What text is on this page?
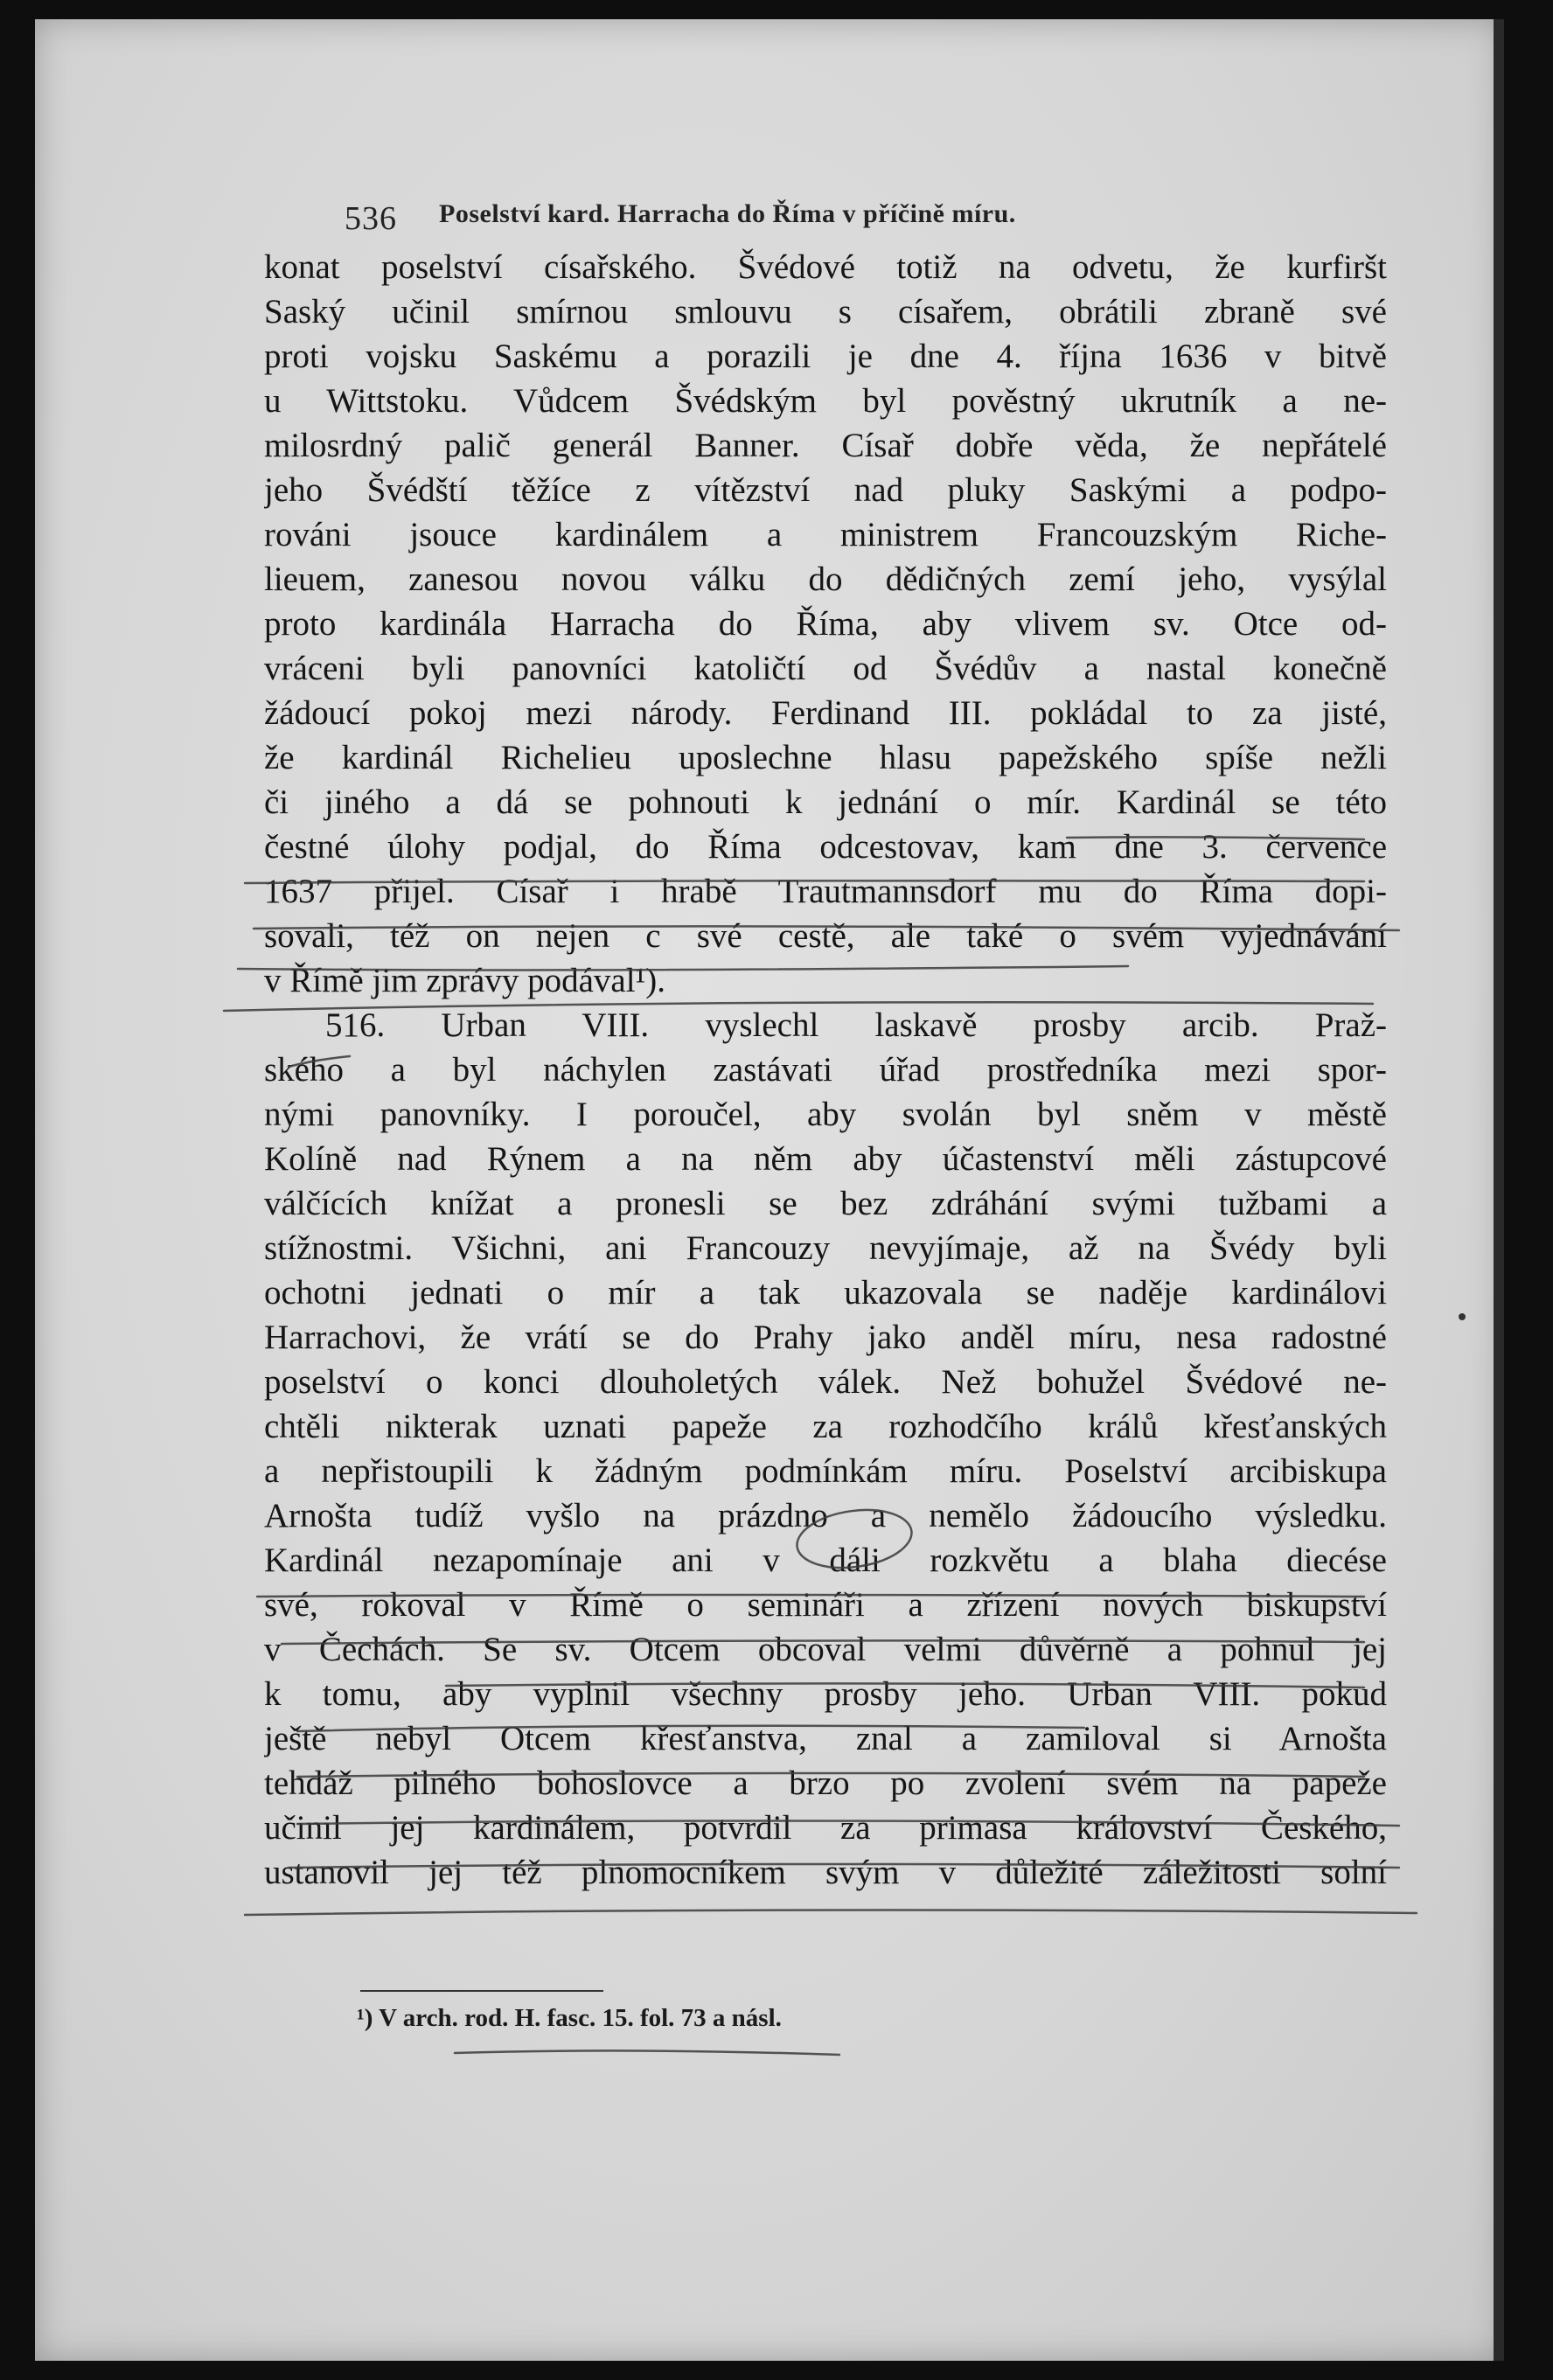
536 Poselství kard. Harracha do Říma v příčině míru.
konat poselství císařského. Švédové totiž na odvetu, že kurfiršt
Saský učinil smírnou smlouvu s císařem, obrátili zbraně své
proti vojsku Saskému a porazili je dne 4. října 1636 v bitvě
u Wittstoku. Vůdcem Švédským byl pověstný ukrutník a ne-
milosrdný palič generál Banner. Císař dobře věda, že nepřátelé
jeho Švédští těžíce z vítězství nad pluky Saskými a podpo-
rováni jsouce kardinálem a ministrem Francouzským Riche-
lieuem, zanesou novou válku do dědičných zemí jeho, vysýlal
proto kardinála Harracha do Říma, aby vlivem sv. Otce od-
vráceni byli panovníci katoličtí od Švédův a nastal konečně
žádoucí pokoj mezi národy. Ferdinand III. pokládal to za jisté,
že kardinál Richelieu uposlechne hlasu papežského spíše nežli
či jiného a dá se pohnouti k jednání o mír. Kardinál se této
čestné úlohy podjal, do Říma odcestovav, kam dne 3. července
1637 přijel. Císař i hrabě Trautmannsdorf mu do Říma dopi-
sovali, též on nejen c své cestě, ale také o svém vyjednávání
v Římě jim zprávy podával¹).
516. Urban VIII. vyslechl laskavě prosby arcib. Praž-
ského a byl náchylen zastávati úřad prostředníka mezi spor-
nými panovníky. I poroučel, aby svolán byl sněm v městě
Kolíně nad Rýnem a na něm aby účastenství měli zástupcové
válčících knížat a pronesli se bez zdráhání svými tužbami a
stížnostmi. Všichni, ani Francouzy nevyjímaje, až na Švédy byli
ochotni jednati o mír a tak ukazovala se naděje kardinálovi
Harrachovi, že vrátí se do Prahy jako anděl míru, nesa radostné
poselství o konci dlouholetých válek. Než bohužel Švédové ne-
chtěli nikterak uznati papeže za rozhodčího králů křesťanských
a nepřistoupili k žádným podmínkám míru. Poselství arcibiskupa
Arnošta tudíž vyšlo na prázdno a nemělo žádoucího výsledku.
Kardinál nezapomínaje ani v dáli rozkvětu a blaha diecése
své, rokoval v Římě o semináři a zřízení nových biskupství
v Čechách. Se sv. Otcem obcoval velmi důvěrně a pohnul jej
k tomu, aby vyplnil všechny prosby jeho. Urban VIII. pokud
ještě nebyl Otcem křesťanstva, znal a zamiloval si Arnošta
tehdáž pilného bohoslovce a brzo po zvolení svém na papeže
učinil jej kardinálem, potvrdil za primasa království Českého,
ustanovil jej též plnomocníkem svým v důležité záležitosti solní
¹) V arch. rod. H. fasc. 15. fol. 73 a násl.
